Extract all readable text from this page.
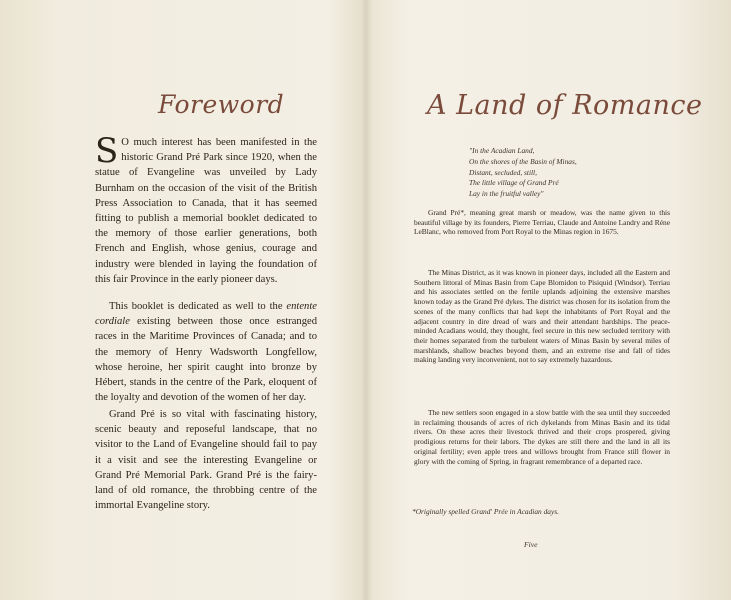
Foreword

S O much interest has been manifested in the historic Grand Pré Park since 1920, when the statue of Evangeline was unveiled by Lady Burnham on the occasion of the visit of the British Press Association to Canada, that it has seemed fitting to publish a memorial booklet dedicated to the memory of those earlier generations, both French and English, whose genius, courage and industry were blended in laying the foundation of this fair Province in the early pioneer days.

This booklet is dedicated as well to the entente cordiale existing between those once estranged races in the Maritime Provinces of Canada; and to the memory of Henry Wadsworth Longfellow, whose heroine, her spirit caught into bronze by Hébert, stands in the centre of the Park, eloquent of the loyalty and devotion of the women of her day.

Grand Pré is so vital with fascinating history, scenic beauty and reposeful landscape, that no visitor to the Land of Evangeline should fail to pay it a visit and see the interesting Evangeline or Grand Pré Memorial Park. Grand Pré is the fairy-land of old romance, the throbbing centre of the immortal Evangeline story.

A Land of Romance
"In the Acadian Land,
On the shores of the Basin of Minas,
Distant, secluded, still,
The little village of Grand Pré
Lay in the fruitful valley"

Grand Pré*, meaning great marsh or meadow, was the name given to this beautiful village by its founders, Pierre Terriau, Claude and Antoine Landry and Réne LeBlanc, who removed from Port Royal to the Minas region in 1675.

The Minas District, as it was known in pioneer days, included all the Eastern and Southern littoral of Minas Basin from Cape Blomidon to Pisiquid (Windsor). Terriau and his associates settled on the fertile uplands adjoining the extensive marshes known today as the Grand Pré dykes. The district was chosen for its isolation from the scenes of the many conflicts that had kept the inhabitants of Port Royal and the adjacent country in dire dread of wars and their attendant hardships. The peace-minded Acadians would, they thought, feel secure in this new secluded territory with their homes separated from the turbulent waters of Minas Basin by several miles of marshlands, shallow beaches beyond them, and an extreme rise and fall of tides making landing very inconvenient, not to say extremely hazardous.

The new settlers soon engaged in a slow battle with the sea until they succeeded in reclaiming thousands of acres of rich dykelands from Minas Basin and its tidal rivers. On these acres their livestock thrived and their crops prospered, giving prodigious returns for their labors. The dykes are still there and the land in all its original fertility; even apple trees and willows brought from France still flower in glory with the coming of Spring, in fragrant remembrance of a departed race.

*Originally spelled Grand' Prée in Acadian days.

Five
